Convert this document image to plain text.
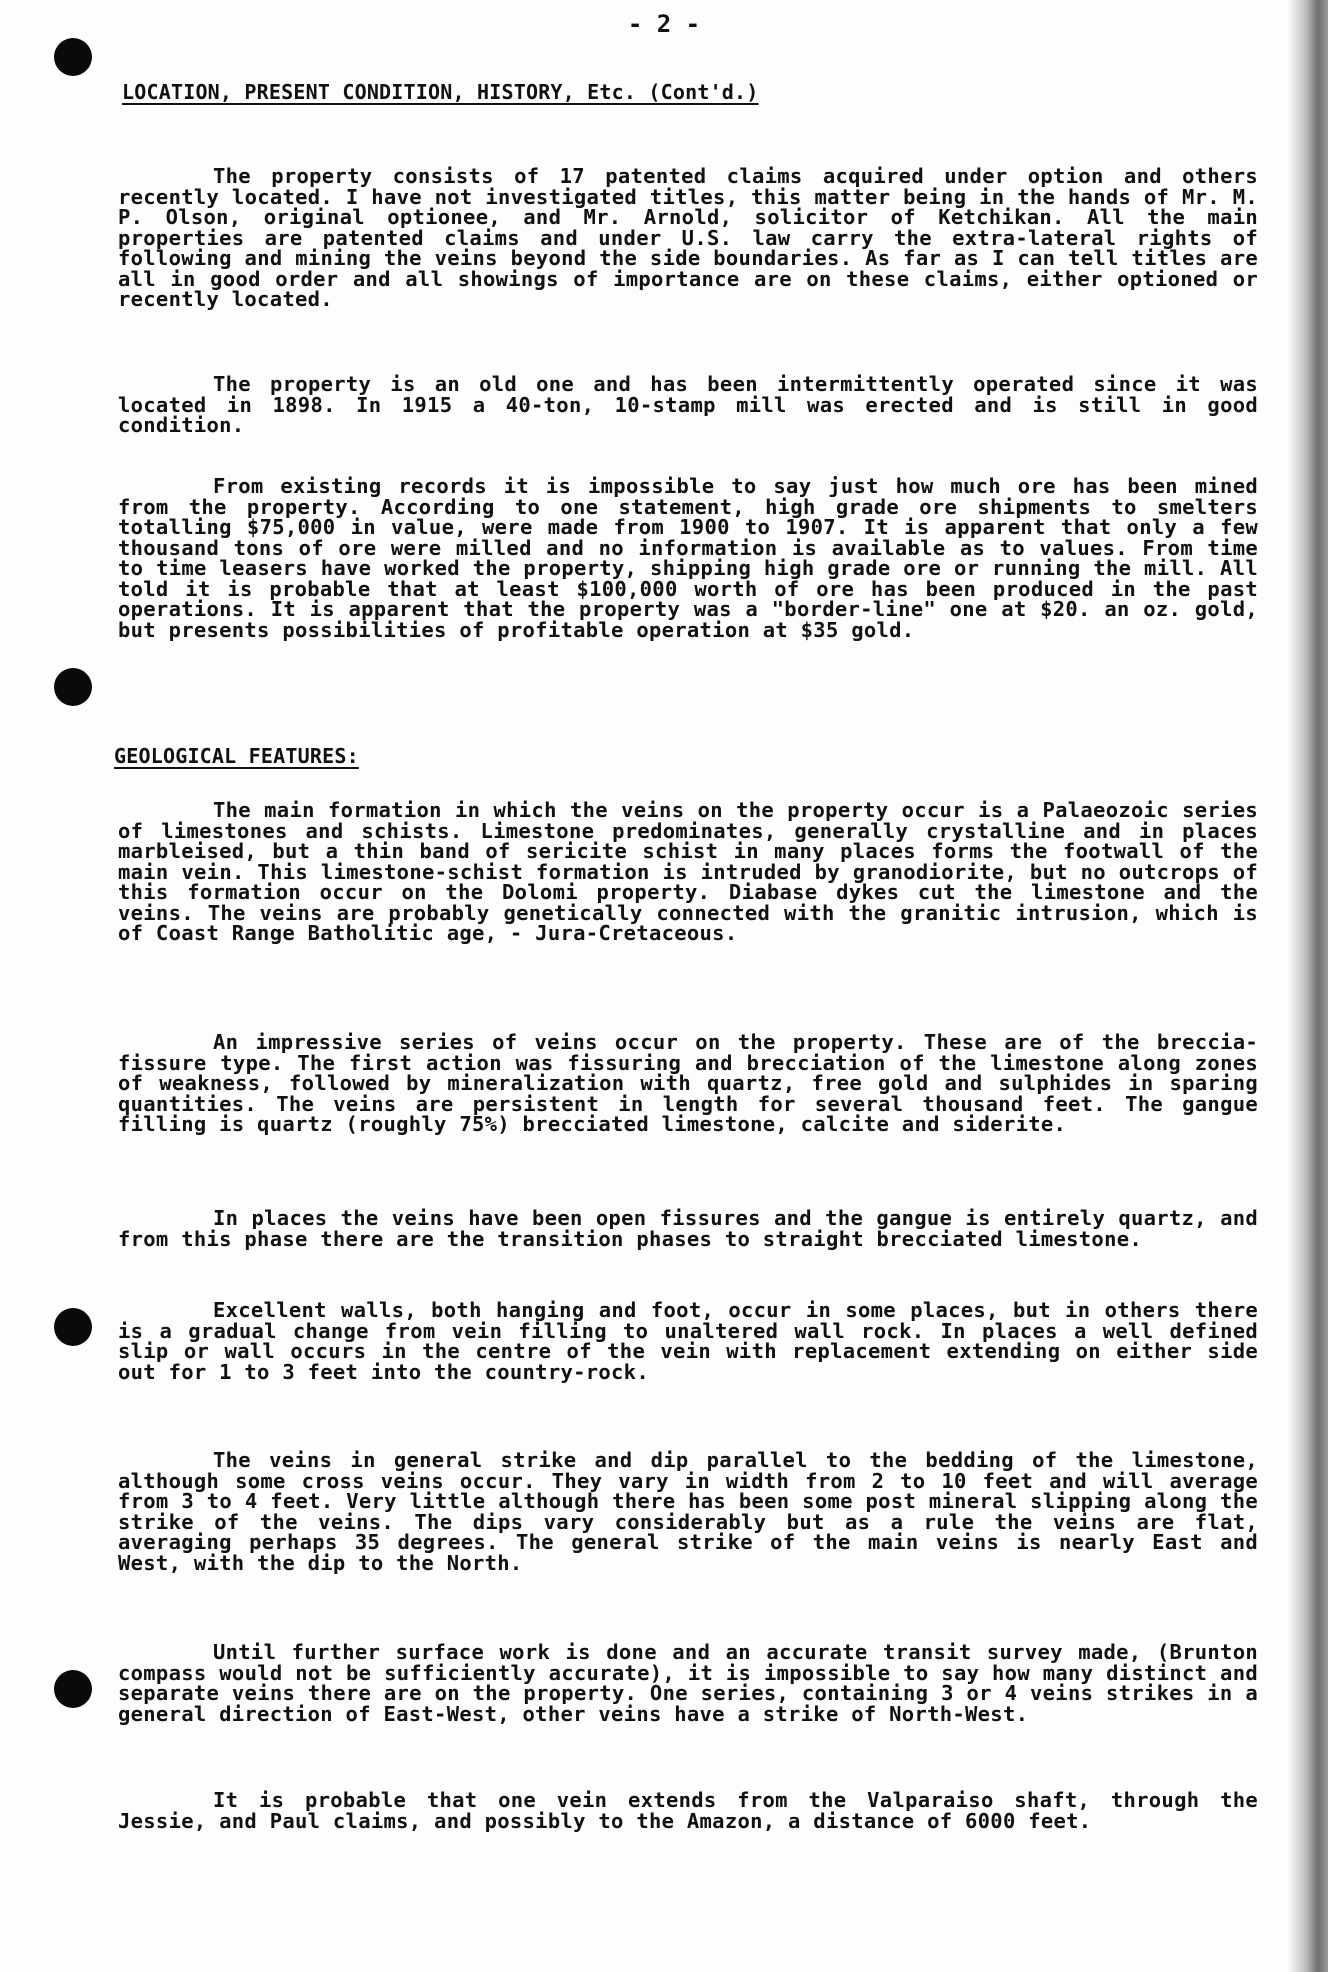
- 2 -
LOCATION, PRESENT CONDITION, HISTORY, Etc. (Cont'd.)
The property consists of 17 patented claims acquired under option and others recently located. I have not investigated titles, this matter being in the hands of Mr. M. P. Olson, original optionee, and Mr. Arnold, solicitor of Ketchikan. All the main properties are patented claims and under U.S. law carry the extra-lateral rights of following and mining the veins beyond the side boundaries. As far as I can tell titles are all in good order and all showings of importance are on these claims, either optioned or recently located.
The property is an old one and has been intermittently operated since it was located in 1898. In 1915 a 40-ton, 10-stamp mill was erected and is still in good condition.
From existing records it is impossible to say just how much ore has been mined from the property. According to one statement, high grade ore shipments to smelters totalling $75,000 in value, were made from 1900 to 1907. It is apparent that only a few thousand tons of ore were milled and no information is available as to values. From time to time leasers have worked the property, shipping high grade ore or running the mill. All told it is probable that at least $100,000 worth of ore has been produced in the past operations. It is apparent that the property was a "border-line" one at $20. an oz. gold, but presents possibilities of profitable operation at $35 gold.
GEOLOGICAL FEATURES:
The main formation in which the veins on the property occur is a Palaeozoic series of limestones and schists. Limestone predominates, generally crystalline and in places marbleised, but a thin band of sericite schist in many places forms the footwall of the main vein. This limestone-schist formation is intruded by granodiorite, but no outcrops of this formation occur on the Dolomi property. Diabase dykes cut the limestone and the veins. The veins are probably genetically connected with the granitic intrusion, which is of Coast Range Batholitic age, - Jura-Cretaceous.
An impressive series of veins occur on the property. These are of the breccia-fissure type. The first action was fissuring and brecciation of the limestone along zones of weakness, followed by mineralization with quartz, free gold and sulphides in sparing quantities. The veins are persistent in length for several thousand feet. The gangue filling is quartz (roughly 75%) brecciated limestone, calcite and siderite.
In places the veins have been open fissures and the gangue is entirely quartz, and from this phase there are the transition phases to straight brecciated limestone.
Excellent walls, both hanging and foot, occur in some places, but in others there is a gradual change from vein filling to unaltered wall rock. In places a well defined slip or wall occurs in the centre of the vein with replacement extending on either side out for 1 to 3 feet into the country-rock.
The veins in general strike and dip parallel to the bedding of the limestone, although some cross veins occur. They vary in width from 2 to 10 feet and will average from 3 to 4 feet. Very little although there has been some post mineral slipping along the strike of the veins. The dips vary considerably but as a rule the veins are flat, averaging perhaps 35 degrees. The general strike of the main veins is nearly East and West, with the dip to the North.
Until further surface work is done and an accurate transit survey made, (Brunton compass would not be sufficiently accurate), it is impossible to say how many distinct and separate veins there are on the property. One series, containing 3 or 4 veins strikes in a general direction of East-West, other veins have a strike of North-West.
It is probable that one vein extends from the Valparaiso shaft, through the Jessie, and Paul claims, and possibly to the Amazon, a distance of 6000 feet.
